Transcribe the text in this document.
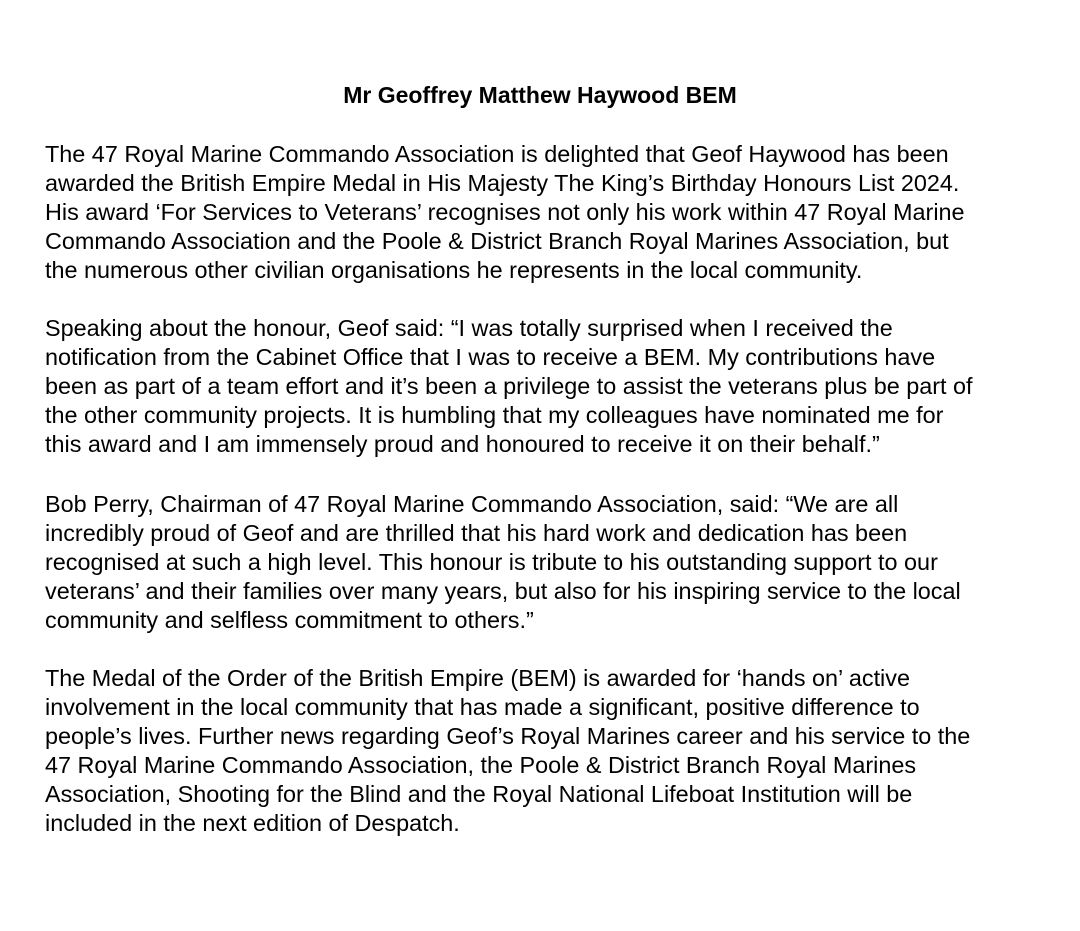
Mr Geoffrey Matthew Haywood BEM

The 47 Royal Marine Commando Association is delighted that Geof Haywood has been
awarded the British Empire Medal in His Majesty The King’s Birthday Honours List 2024.
His award ‘For Services to Veterans’ recognises not only his work within 47 Royal Marine
Commando Association and the Poole & District Branch Royal Marines Association, but
the numerous other civilian organisations he represents in the local community.

Speaking about the honour, Geof said: “I was totally surprised when I received the
notification from the Cabinet Office that I was to receive a BEM. My contributions have
been as part of a team effort and it’s been a privilege to assist the veterans plus be part of
the other community projects. It is humbling that my colleagues have nominated me for
this award and I am immensely proud and honoured to receive it on their behalf.”

Bob Perry, Chairman of 47 Royal Marine Commando Association, said: “We are all
incredibly proud of Geof and are thrilled that his hard work and dedication has been
recognised at such a high level. This honour is tribute to his outstanding support to our
veterans’ and their families over many years, but also for his inspiring service to the local
community and selfless commitment to others.”

The Medal of the Order of the British Empire (BEM) is awarded for ‘hands on’ active
involvement in the local community that has made a significant, positive difference to
people’s lives. Further news regarding Geof’s Royal Marines career and his service to the
47 Royal Marine Commando Association, the Poole & District Branch Royal Marines
Association, Shooting for the Blind and the Royal National Lifeboat Institution will be
included in the next edition of Despatch.
